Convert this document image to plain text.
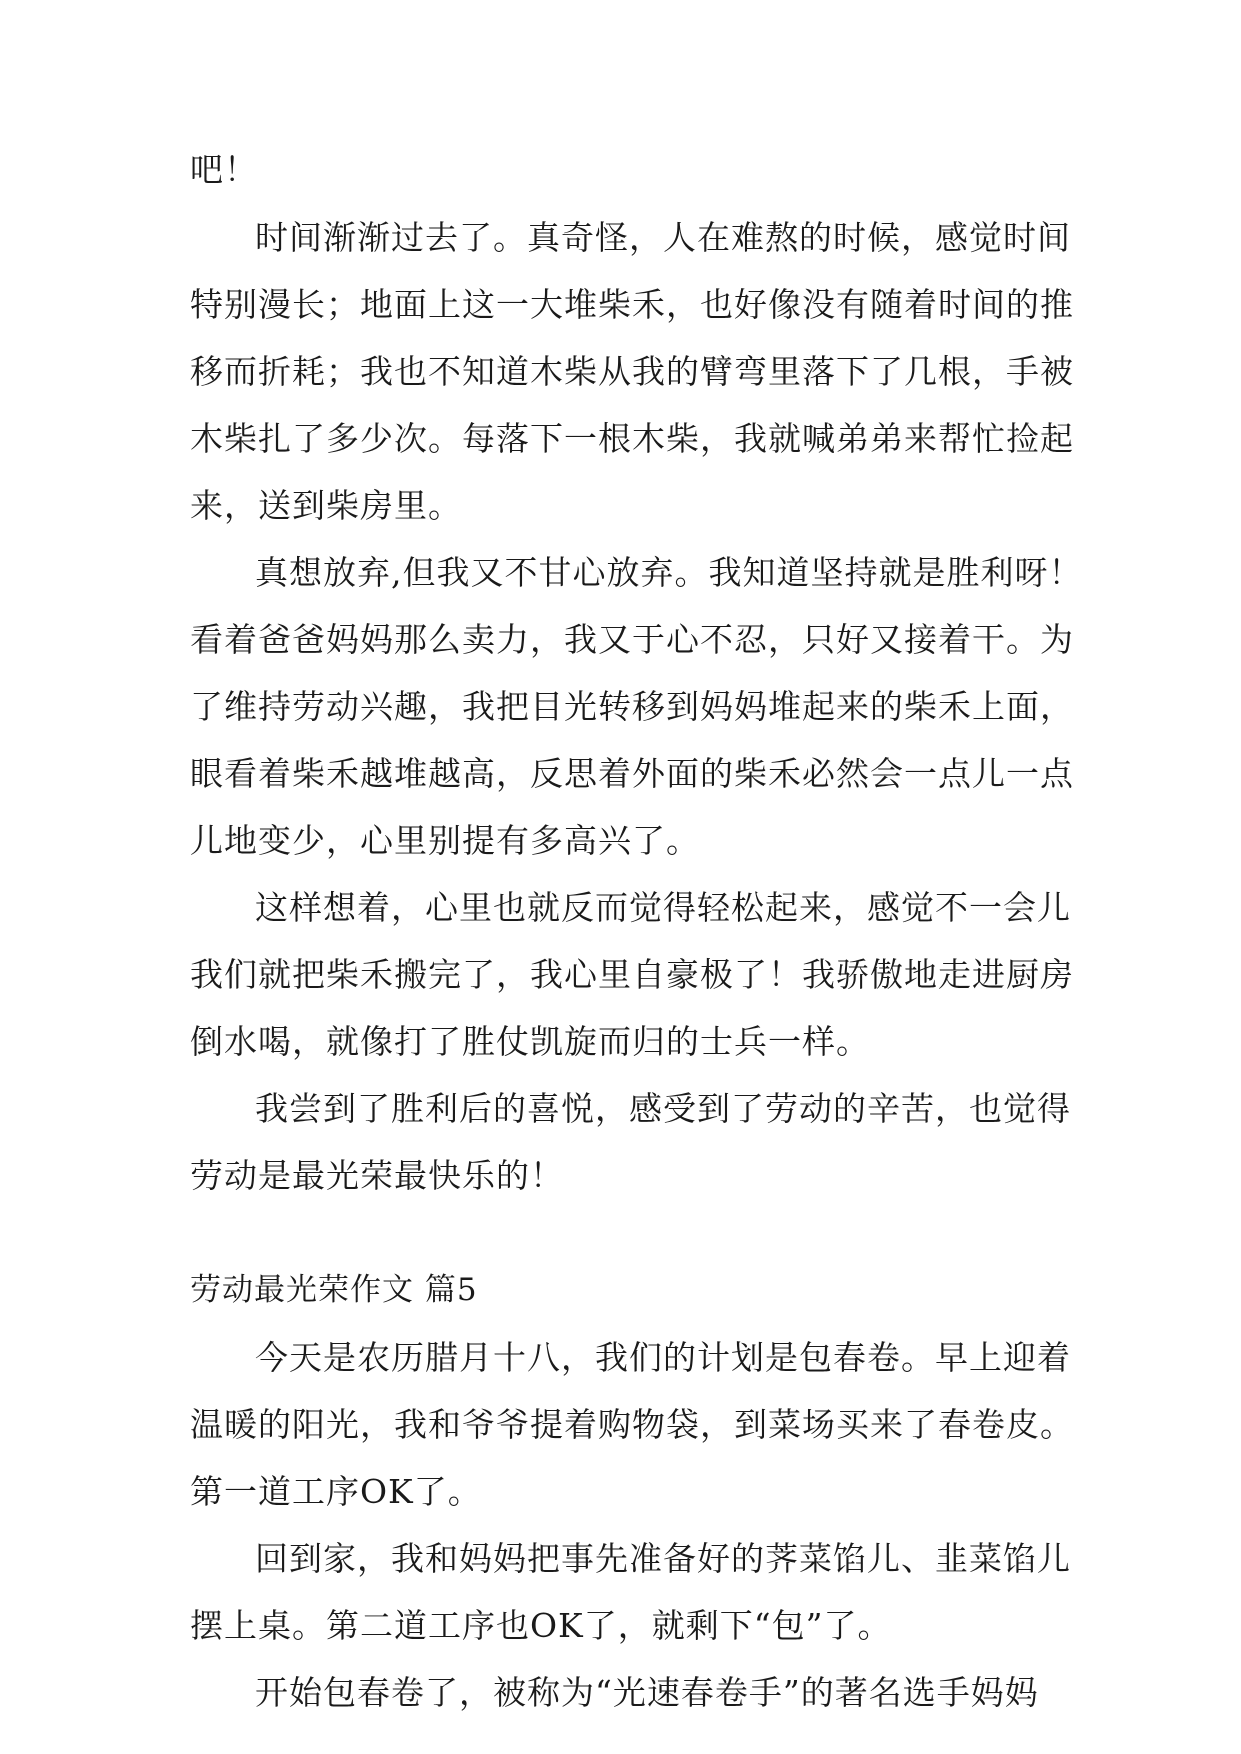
吧！
时间渐渐过去了。真奇怪，人在难熬的时候，感觉时间
特别漫长；地面上这一大堆柴禾，也好像没有随着时间的推
移而折耗；我也不知道木柴从我的臂弯里落下了几根，手被
木柴扎了多少次。每落下一根木柴，我就喊弟弟来帮忙捡起
来，送到柴房里。
真想放弃,但我又不甘心放弃。我知道坚持就是胜利呀！
看着爸爸妈妈那么卖力，我又于心不忍，只好又接着干。为
了维持劳动兴趣，我把目光转移到妈妈堆起来的柴禾上面，
眼看着柴禾越堆越高，反思着外面的柴禾必然会一点儿一点
儿地变少，心里别提有多高兴了。
这样想着，心里也就反而觉得轻松起来，感觉不一会儿
我们就把柴禾搬完了，我心里自豪极了！我骄傲地走进厨房
倒水喝，就像打了胜仗凯旋而归的士兵一样。
我尝到了胜利后的喜悦，感受到了劳动的辛苦，也觉得
劳动是最光荣最快乐的！
劳动最光荣作文 篇5
今天是农历腊月十八，我们的计划是包春卷。早上迎着
温暖的阳光，我和爷爷提着购物袋，到菜场买来了春卷皮。
第一道工序OK了。
回到家，我和妈妈把事先准备好的荠菜馅儿、韭菜馅儿
摆上桌。第二道工序也OK了，就剩下“包”了。
开始包春卷了，被称为“光速春卷手”的著名选手妈妈
